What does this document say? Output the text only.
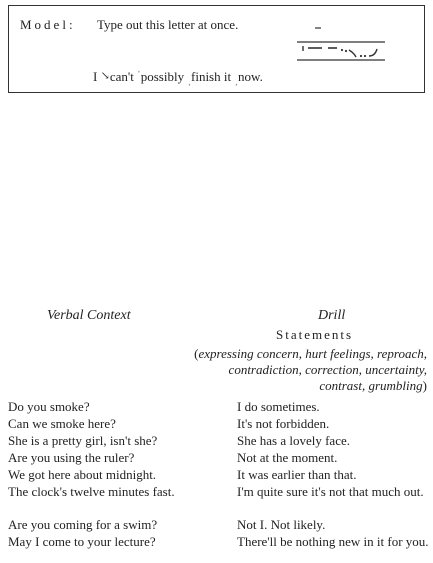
Model: Type out this letter at once.
I ↘can't $^ˈ$possibly ˌfinish it ˌnow.
Verbal Context	Drill
Statements
(expressing concern, hurt feelings, reproach, contradiction, correction, uncertainty, contrast, grumbling)
Do you smoke?	I do sometimes.
Can we smoke here?	It's not forbidden.
She is a pretty girl, isn't she?	She has a lovely face.
Are you using the ruler?	Not at the moment.
We got here about midnight.	It was earlier than that.
The clock's twelve minutes fast.	I'm quite sure it's not that much out.
Are you coming for a swim?	Not I. Not likely.
May I come to your lecture?	There'll be nothing new in it for you.
